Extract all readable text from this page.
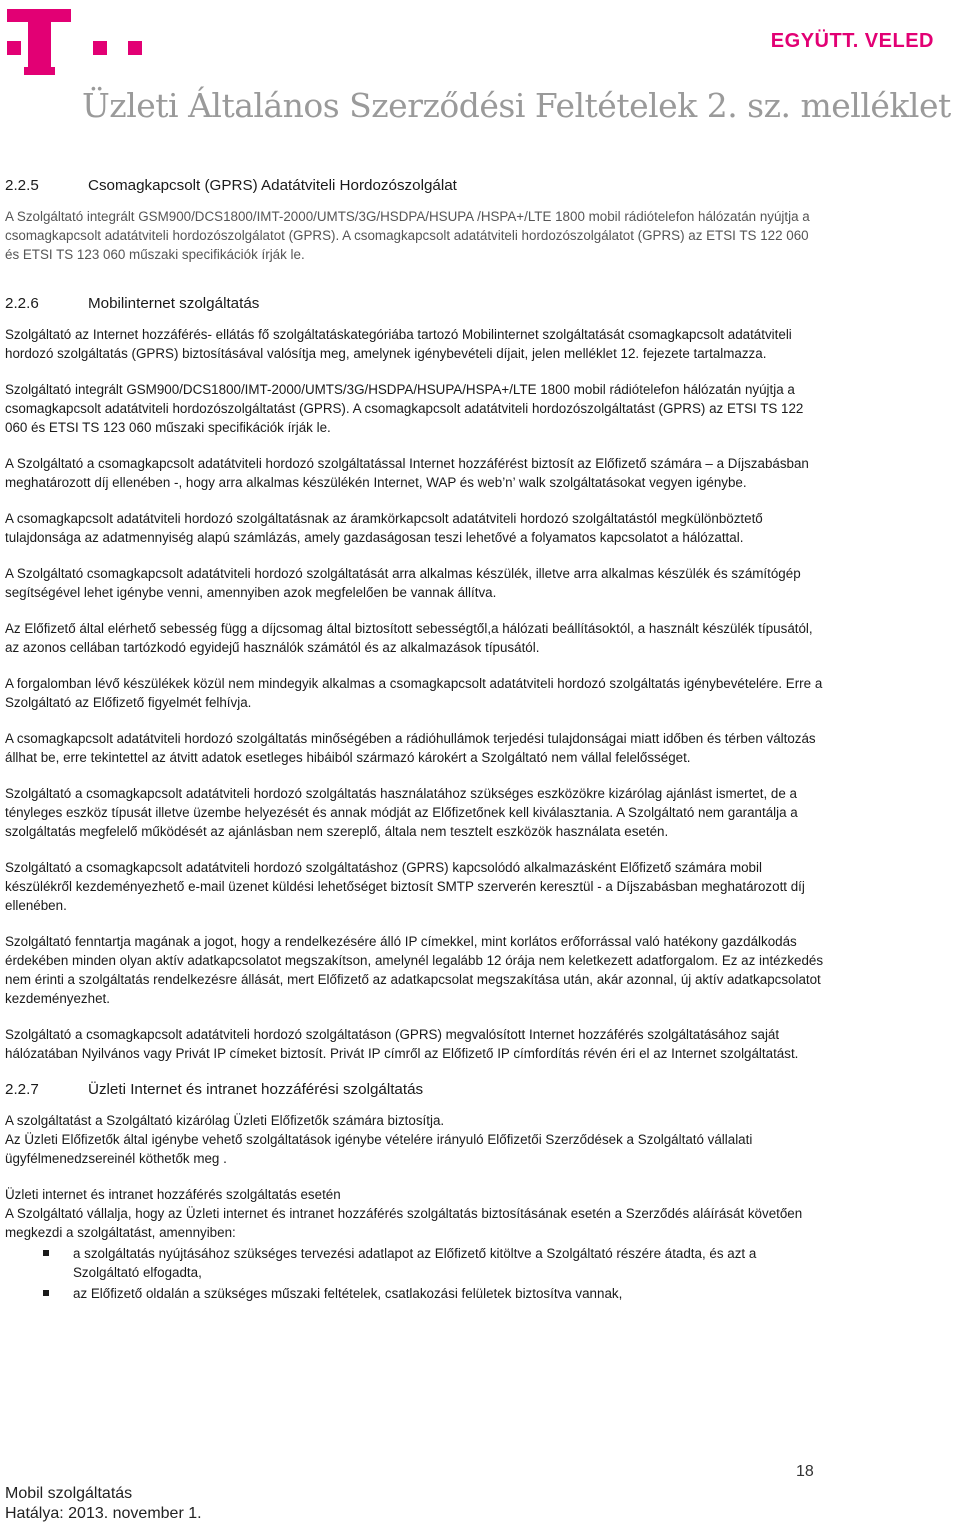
EGYÜTT. VELED
Üzleti Általános Szerződési Feltételek 2. sz. melléklet
2.2.5	Csomagkapcsolt (GPRS) Adatátviteli Hordozószolgálat

A Szolgáltató integrált GSM900/DCS1800/IMT-2000/UMTS/3G/HSDPA/HSUPA /HSPA+/LTE 1800 mobil rádiótelefon hálózatán nyújtja a csomagkapcsolt adatátviteli hordozószolgálatot (GPRS). A csomagkapcsolt adatátviteli hordozószolgálatot (GPRS) az ETSI TS 122 060 és ETSI TS 123 060 műszaki specifikációk írják le.

2.2.6	Mobilinternet szolgáltatás

Szolgáltató az Internet hozzáférés- ellátás fő szolgáltatáskategóriába tartozó Mobilinternet szolgáltatását csomagkapcsolt adatátviteli hordozó szolgáltatás (GPRS) biztosításával valósítja meg, amelynek igénybevételi díjait, jelen melléklet 12. fejezete tartalmazza.

Szolgáltató integrált GSM900/DCS1800/IMT-2000/UMTS/3G/HSDPA/HSUPA/HSPA+/LTE 1800 mobil rádiótelefon hálózatán nyújtja a csomagkapcsolt adatátviteli hordozószolgáltatást (GPRS). A csomagkapcsolt adatátviteli hordozószolgáltatást (GPRS) az ETSI TS 122 060 és ETSI TS 123 060 műszaki specifikációk írják le.

A Szolgáltató a csomagkapcsolt adatátviteli hordozó szolgáltatással Internet hozzáférést biztosít az Előfizető számára – a Díjszabásban meghatározott díj ellenében -, hogy arra alkalmas készülékén Internet, WAP és web’n’ walk szolgáltatásokat vegyen igénybe.

A csomagkapcsolt adatátviteli hordozó szolgáltatásnak az áramkörkapcsolt adatátviteli hordozó szolgáltatástól megkülönböztető tulajdonsága az adatmennyiség alapú számlázás, amely gazdaságosan teszi lehetővé a folyamatos kapcsolatot a hálózattal.

A Szolgáltató csomagkapcsolt adatátviteli hordozó szolgáltatását arra alkalmas készülék, illetve arra alkalmas készülék és számítógép segítségével lehet igénybe venni, amennyiben azok megfelelően be vannak állítva.

Az Előfizető által elérhető sebesség függ a díjcsomag által biztosított sebességtől,a hálózati beállításoktól, a használt készülék típusától, az azonos cellában tartózkodó egyidejű használók számától és az alkalmazások típusától.

A forgalomban lévő készülékek közül nem mindegyik alkalmas a csomagkapcsolt adatátviteli hordozó szolgáltatás igénybevételére. Erre a Szolgáltató az Előfizető figyelmét felhívja.

A csomagkapcsolt adatátviteli hordozó szolgáltatás minőségében a rádióhullámok terjedési tulajdonságai miatt időben és térben változás állhat be, erre tekintettel az átvitt adatok esetleges hibáiból származó károkért a Szolgáltató nem vállal felelősséget.

Szolgáltató a csomagkapcsolt adatátviteli hordozó szolgáltatás használatához szükséges eszközökre kizárólag ajánlást ismertet, de a tényleges eszköz típusát illetve üzembe helyezését és annak módját az Előfizetőnek kell kiválasztania. A Szolgáltató nem garantálja a szolgáltatás megfelelő működését az ajánlásban nem szereplő, általa nem tesztelt eszközök használata esetén.

Szolgáltató a csomagkapcsolt adatátviteli hordozó szolgáltatáshoz (GPRS) kapcsolódó alkalmazásként Előfizető számára mobil készülékről kezdeményezhető e-mail üzenet küldési lehetőséget biztosít SMTP szerverén keresztül - a Díjszabásban meghatározott díj ellenében.

Szolgáltató fenntartja magának a jogot, hogy a rendelkezésére álló IP címekkel, mint korlátos erőforrással való hatékony gazdálkodás érdekében minden olyan aktív adatkapcsolatot megszakítson, amelynél legalább 12 órája nem keletkezett adatforgalom. Ez az intézkedés nem érinti a szolgáltatás rendelkezésre állását, mert Előfizető az adatkapcsolat megszakítása után, akár azonnal, új aktív adatkapcsolatot kezdeményezhet.

Szolgáltató a csomagkapcsolt adatátviteli hordozó szolgáltatáson (GPRS) megvalósított Internet hozzáférés szolgáltatásához saját hálózatában Nyilvános vagy Privát IP címeket biztosít. Privát IP címről az Előfizető IP címfordítás révén éri el az Internet szolgáltatást.

2.2.7	Üzleti Internet és intranet hozzáférési szolgáltatás

A szolgáltatást a Szolgáltató kizárólag Üzleti Előfizetők számára biztosítja.
Az Üzleti Előfizetők által igénybe vehető szolgáltatások igénybe vételére irányuló Előfizetői Szerződések a Szolgáltató vállalati ügyfélmenedzsereinél köthetők meg .

Üzleti internet és intranet hozzáférés szolgáltatás esetén
A Szolgáltató vállalja, hogy az Üzleti internet és intranet hozzáférés szolgáltatás biztosításának esetén a Szerződés aláírását követően megkezdi a szolgáltatást, amennyiben:

a szolgáltatás nyújtásához szükséges tervezési adatlapot az Előfizető kitöltve a Szolgáltató részére átadta, és azt a Szolgáltató elfogadta,
az Előfizető oldalán a szükséges műszaki feltételek, csatlakozási felületek biztosítva vannak,
18
Mobil szolgáltatás
Hatálya: 2013. november 1.
